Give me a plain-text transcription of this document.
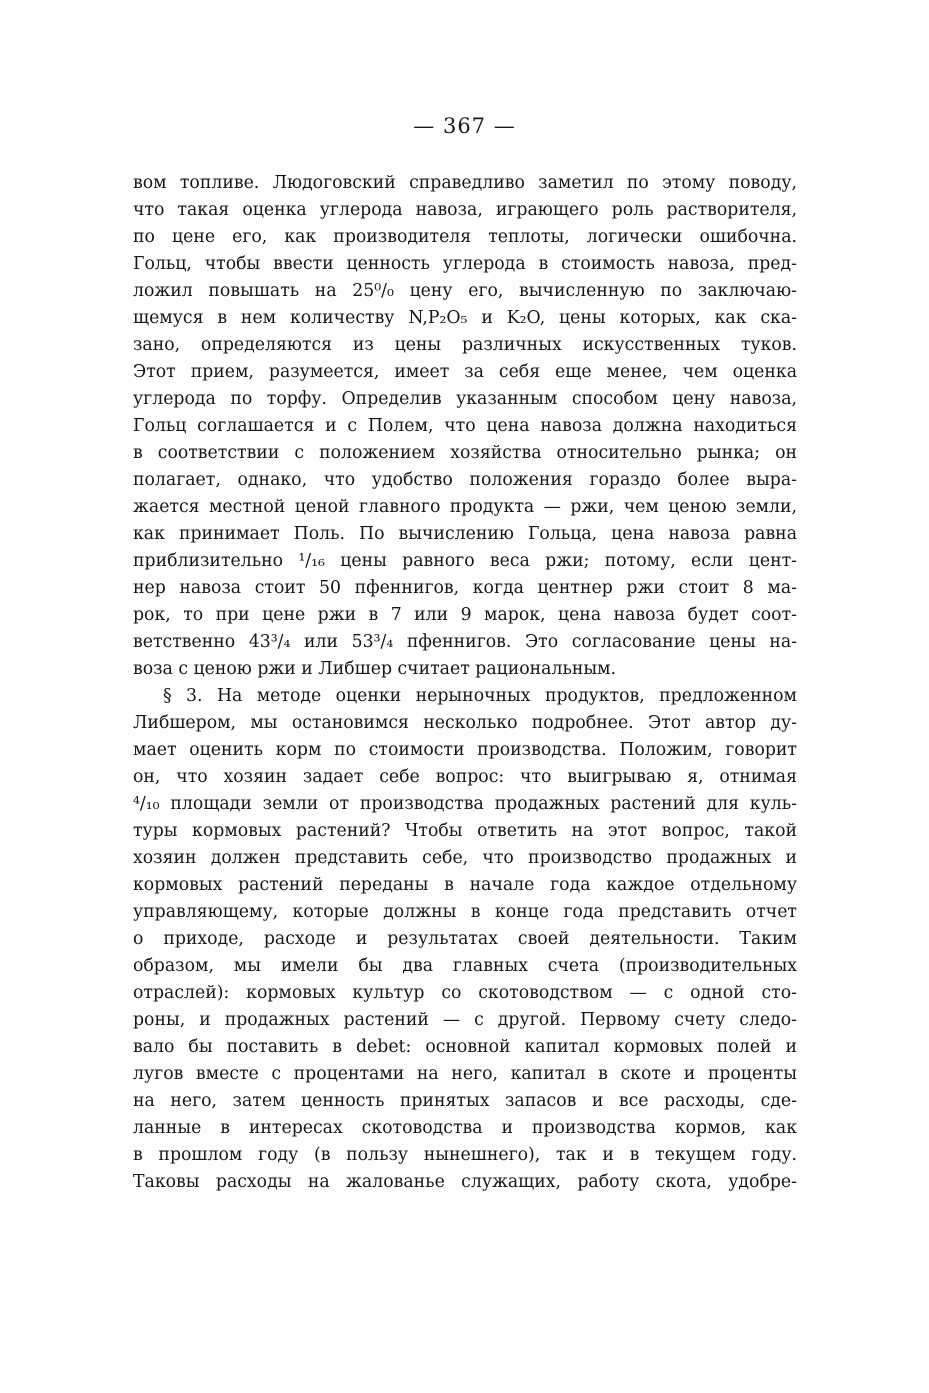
— 367 —
вом топливе. Людоговский справедливо заметил по этому поводу,
что такая оценка углерода навоза, играющего роль растворителя,
по цене его, как производителя теплоты, логически ошибочна.
Гольц, чтобы ввести ценность углерода в стоимость навоза, пред-
ложил повышать на 25⁰/₀ цену его, вычисленную по заключаю-
щемуся в нем количеству N,P₂O₅ и K₂O, цены которых, как ска-
зано, определяются из цены различных искусственных туков.
Этот прием, разумеется, имеет за себя еще менее, чем оценка
углерода по торфу. Определив указанным способом цену навоза,
Гольц соглашается и с Полем, что цена навоза должна находиться
в соответствии с положением хозяйства относительно рынка; он
полагает, однако, что удобство положения гораздо более выра-
жается местной ценой главного продукта — ржи, чем ценою земли,
как принимает Поль. По вычислению Гольца, цена навоза равна
приблизительно ¹/₁₆ цены равного веса ржи; потому, если цент-
нер навоза стоит 50 пфеннигов, когда центнер ржи стоит 8 ма-
рок, то при цене ржи в 7 или 9 марок, цена навоза будет соот-
ветственно 43³/₄ или 53³/₄ пфеннигов. Это согласование цены на-
воза с ценою ржи и Либшер считает рациональным.
§ 3. На методе оценки нерыночных продуктов, предложенном
Либшером, мы остановимся несколько подробнее. Этот автор ду-
мает оценить корм по стоимости производства. Положим, говорит
он, что хозяин задает себе вопрос: что выигрываю я, отнимая
⁴/₁₀ площади земли от производства продажных растений для куль-
туры кормовых растений? Чтобы ответить на этот вопрос, такой
хозяин должен представить себе, что производство продажных и
кормовых растений переданы в начале года каждое отдельному
управляющему, которые должны в конце года представить отчет
о приходе, расходе и результатах своей деятельности. Таким
образом, мы имели бы два главных счета (производительных
отраслей): кормовых культур со скотоводством — с одной сто-
роны, и продажных растений — с другой. Первому счету следо-
вало бы поставить в debet: основной капитал кормовых полей и
лугов вместе с процентами на него, капитал в скоте и проценты
на него, затем ценность принятых запасов и все расходы, сде-
ланные в интересах скотоводства и производства кормов, как
в прошлом году (в пользу нынешнего), так и в текущем году.
Таковы расходы на жалованье служащих, работу скота, удобре-
